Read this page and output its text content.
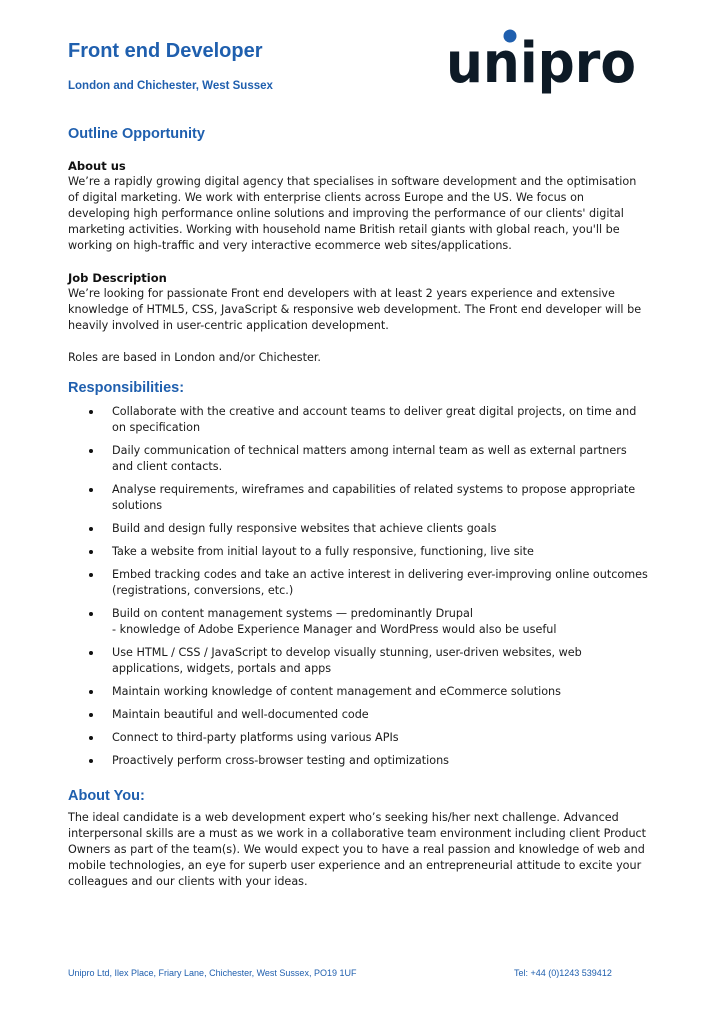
Front end Developer
London and Chichester, West Sussex	unipro
Outline Opportunity
About us

We’re a rapidly growing digital agency that specialises in software development and the optimisation of digital marketing. We work with enterprise clients across Europe and the US. We focus on developing high performance online solutions and improving the performance of our clients' digital marketing activities. Working with household name British retail giants with global reach, you'll be working on high-traffic and very interactive ecommerce web sites/applications.

Job Description

We’re looking for passionate Front end developers with at least 2 years experience and extensive knowledge of HTML5, CSS, JavaScript & responsive web development. The Front end developer will be heavily involved in user-centric application development.

Roles are based in London and/or Chichester.

Responsibilities:
Collaborate with the creative and account teams to deliver great digital projects, on time and on specification
Daily communication of technical matters among internal team as well as external partners and client contacts.
Analyse requirements, wireframes and capabilities of related systems to propose appropriate solutions
Build and design fully responsive websites that achieve clients goals
Take a website from initial layout to a fully responsive, functioning, live site
Embed tracking codes and take an active interest in delivering ever-improving online outcomes (registrations, conversions, etc.)
Build on content management systems — predominantly Drupal
- knowledge of Adobe Experience Manager and WordPress would also be useful
Use HTML / CSS / JavaScript to develop visually stunning, user-driven websites, web applications, widgets, portals and apps
Maintain working knowledge of content management and eCommerce solutions
Maintain beautiful and well-documented code
Connect to third-party platforms using various APIs
Proactively perform cross-browser testing and optimizations
About You:

The ideal candidate is a web development expert who’s seeking his/her next challenge. Advanced interpersonal skills are a must as we work in a collaborative team environment including client Product Owners as part of the team(s). We would expect you to have a real passion and knowledge of web and mobile technologies, an eye for superb user experience and an entrepreneurial attitude to excite your colleagues and our clients with your ideas.

Unipro Ltd, Ilex Place, Friary Lane, Chichester, West Sussex, PO19 1UF	Tel: +44 (0)1243 539412
